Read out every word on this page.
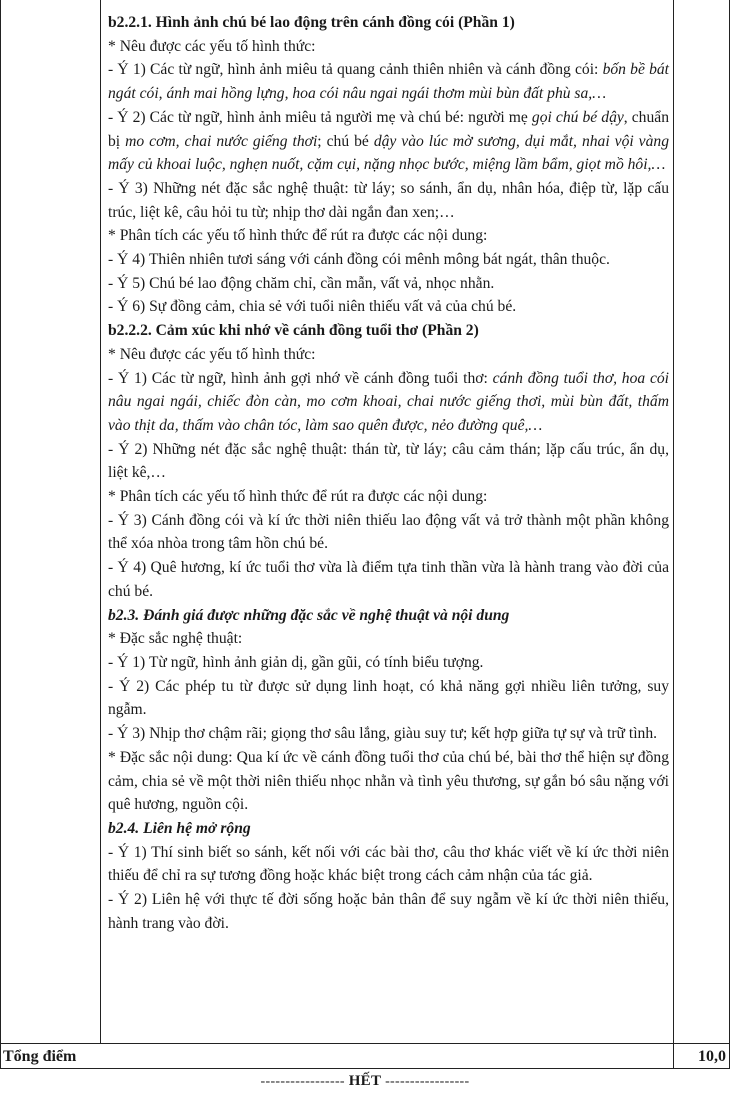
b2.2.1. Hình ảnh chú bé lao động trên cánh đồng cói (Phần 1)

* Nêu được các yếu tố hình thức:

- Ý 1) Các từ ngữ, hình ảnh miêu tả quang cảnh thiên nhiên và cánh đồng cói: bốn bề bát ngát cói, ánh mai hồng lựng, hoa cói nâu ngai ngái thơm mùi bùn đất phù sa,…

- Ý 2) Các từ ngữ, hình ảnh miêu tả người mẹ và chú bé: người mẹ gọi chú bé dậy, chuẩn bị mo cơm, chai nước giếng thơi; chú bé dậy vào lúc mờ sương, dụi mắt, nhai vội vàng mấy củ khoai luộc, nghẹn nuốt, cặm cụi, nặng nhọc bước, miệng lầm bẩm, giọt mồ hôi,…

- Ý 3) Những nét đặc sắc nghệ thuật: từ láy; so sánh, ẩn dụ, nhân hóa, điệp từ, lặp cấu trúc, liệt kê, câu hỏi tu từ; nhịp thơ dài ngắn đan xen;…

* Phân tích các yếu tố hình thức để rút ra được các nội dung:

- Ý 4) Thiên nhiên tươi sáng với cánh đồng cói mênh mông bát ngát, thân thuộc.

- Ý 5) Chú bé lao động chăm chỉ, cần mẫn, vất vả, nhọc nhằn.

- Ý 6) Sự đồng cảm, chia sẻ với tuổi niên thiếu vất vả của chú bé.

b2.2.2. Cảm xúc khi nhớ về cánh đồng tuổi thơ (Phần 2)

* Nêu được các yếu tố hình thức:

- Ý 1) Các từ ngữ, hình ảnh gợi nhớ về cánh đồng tuổi thơ: cánh đồng tuổi thơ, hoa cói nâu ngai ngái, chiếc đòn càn, mo cơm khoai, chai nước giếng thơi, mùi bùn đất, thấm vào thịt da, thấm vào chân tóc, làm sao quên được, nẻo đường quê,…

- Ý 2) Những nét đặc sắc nghệ thuật: thán từ, từ láy; câu cảm thán; lặp cấu trúc, ẩn dụ, liệt kê,…

* Phân tích các yếu tố hình thức để rút ra được các nội dung:

- Ý 3) Cánh đồng cói và kí ức thời niên thiếu lao động vất vả trở thành một phần không thể xóa nhòa trong tâm hồn chú bé.

- Ý 4) Quê hương, kí ức tuổi thơ vừa là điểm tựa tinh thần vừa là hành trang vào đời của chú bé.

b2.3. Đánh giá được những đặc sắc về nghệ thuật và nội dung

* Đặc sắc nghệ thuật:

- Ý 1) Từ ngữ, hình ảnh giản dị, gần gũi, có tính biểu tượng.

- Ý 2) Các phép tu từ được sử dụng linh hoạt, có khả năng gợi nhiều liên tưởng, suy ngẫm.

- Ý 3) Nhịp thơ chậm rãi; giọng thơ sâu lắng, giàu suy tư; kết hợp giữa tự sự và trữ tình.

* Đặc sắc nội dung: Qua kí ức về cánh đồng tuổi thơ của chú bé, bài thơ thể hiện sự đồng cảm, chia sẻ về một thời niên thiếu nhọc nhằn và tình yêu thương, sự gắn bó sâu nặng với quê hương, nguồn cội.

b2.4. Liên hệ mở rộng

- Ý 1) Thí sinh biết so sánh, kết nối với các bài thơ, câu thơ khác viết về kí ức thời niên thiếu để chỉ ra sự tương đồng hoặc khác biệt trong cách cảm nhận của tác giả.

- Ý 2) Liên hệ với thực tế đời sống hoặc bản thân để suy ngẫm về kí ức thời niên thiếu, hành trang vào đời.

Tổng điểm	10,0
----------------- HẾT -----------------
